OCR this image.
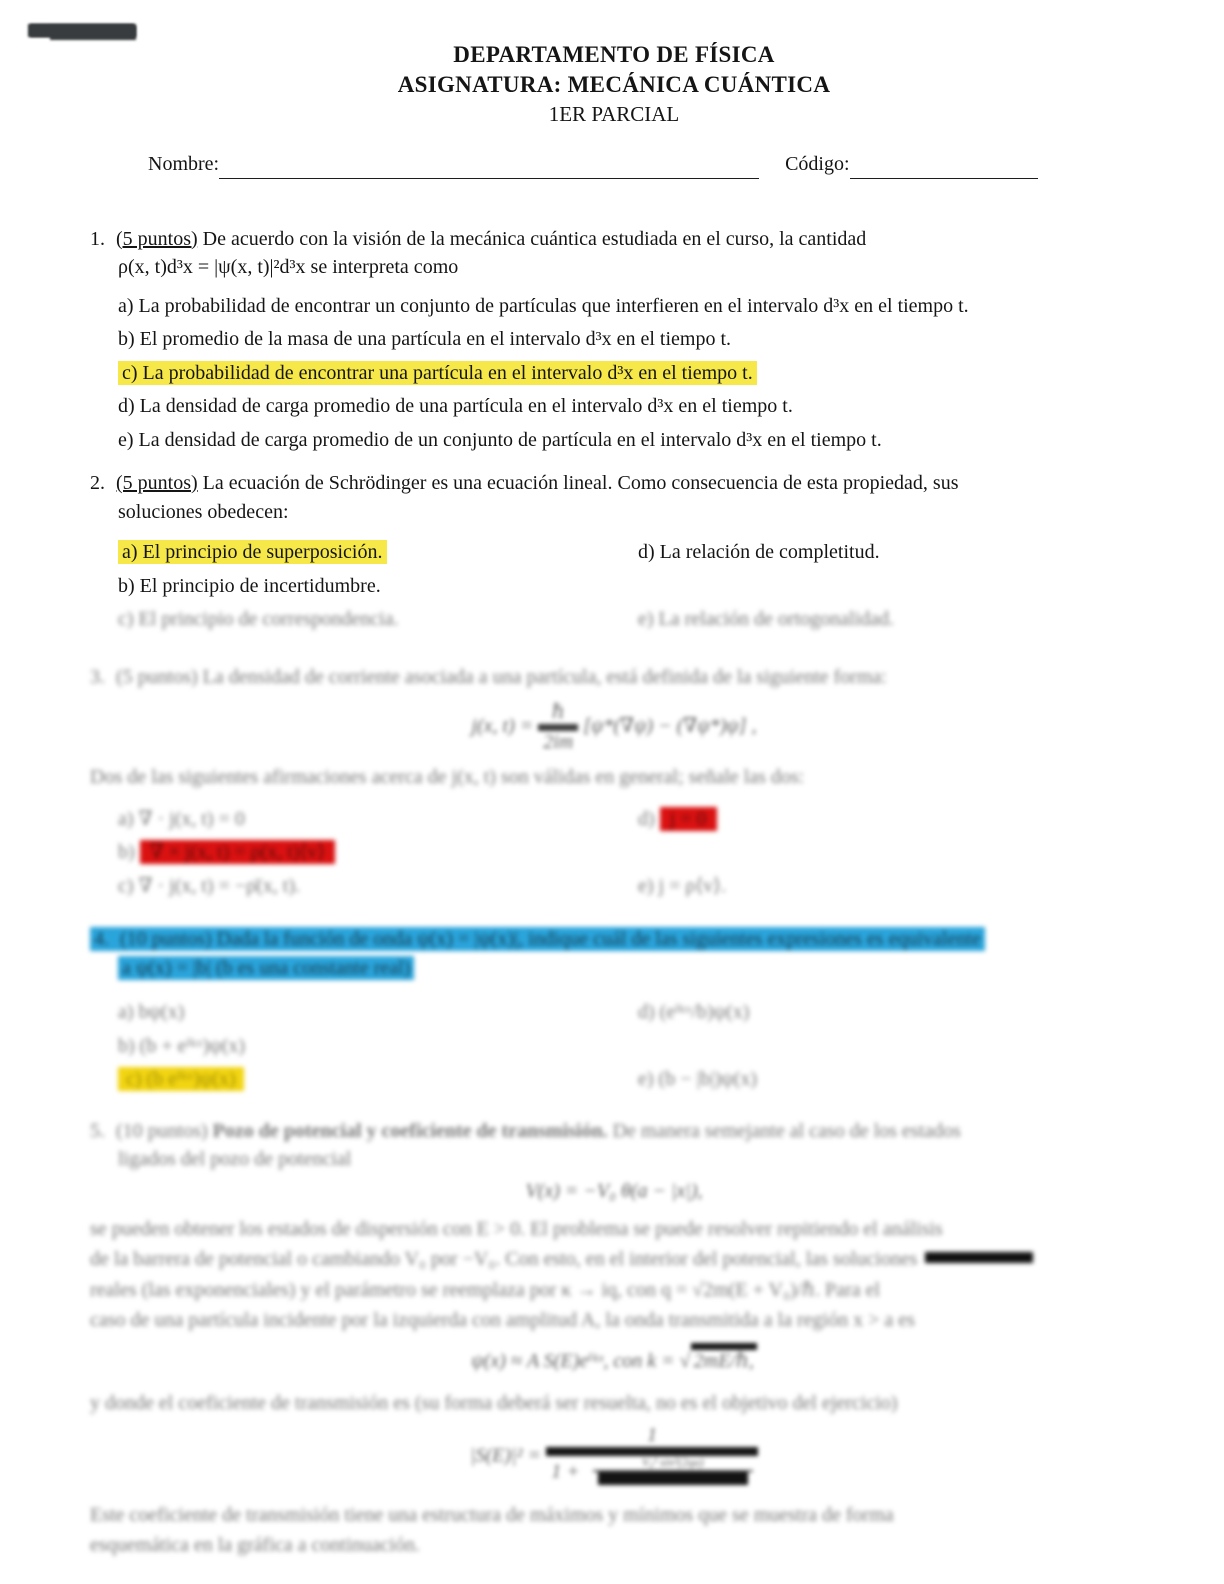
DEPARTAMENTO DE FÍSICA
ASIGNATURA: MECÁNICA CUÁNTICA
1ER PARCIAL
Nombre:	Código:
1. (5 puntos) De acuerdo con la visión de la mecánica cuántica estudiada en el curso, la cantidad
ρ(x, t)d³x = |ψ(x, t)|²d³x se interpreta como
a) La probabilidad de encontrar un conjunto de partículas que interfieren en el intervalo d³x en el tiempo t.
b) El promedio de la masa de una partícula en el intervalo d³x en el tiempo t.
c) La probabilidad de encontrar una partícula en el intervalo d³x en el tiempo t.
d) La densidad de carga promedio de una partícula en el intervalo d³x en el tiempo t.
e) La densidad de carga promedio de un conjunto de partícula en el intervalo d³x en el tiempo t.
2. (5 puntos) La ecuación de Schrödinger es una ecuación lineal. Como consecuencia de esta propiedad, sus
soluciones obedecen:
a) El principio de superposición.	d) La relación de completitud.
b) El principio de incertidumbre.
c) El principio de correspondencia.	e) La relación de ortogonalidad.
3. (5 puntos) La densidad de corriente asociada a una partícula, está definida de la siguiente forma:
j(x, t) =
ℏ
2im
[ψ*(∇ψ) − (∇ψ*)ψ] ,
Dos de las siguientes afirmaciones acerca de j(x, t) son válidas en general; señale las dos:
a) ∇ · j(x, t) = 0	d) j = 0
b) ∇ × j(x, t) = ρ(x, t)⟨v⟩
c) ∇ · j(x, t) = −ρ̇(x, t).	e) j = ρ⟨v⟩.
4. (10 puntos) Dada la función de onda ψ(x) = |ψ(x)|, indique cuál de las siguientes expresiones es equivalente
a ψ(x) = |b| (b es una constante real)
a) bψ(x)	d) (eⁱᵏˣ/b)ψ(x)
b) (b + eⁱᵏˣ)ψ(x)
c) (b eⁱᵏˣ)ψ(x)	e) (b − |b|)ψ(x)
5. (10 puntos) Pozo de potencial y coeficiente de transmisión. De manera semejante al caso de los estados
ligados del pozo de potencial
V(x) = −V₀ θ(a − |x|),
se pueden obtener los estados de dispersión con E > 0. El problema se puede resolver repitiendo el análisis
de la barrera de potencial o cambiando V₀ por −V₀. Con esto, en el interior del potencial, las soluciones
reales (las exponenciales) y el parámetro se reemplaza por κ → iq, con q = √2m(E + V₀)/ℏ. Para el
caso de una partícula incidente por la izquierda con amplitud A, la onda transmitida a la región x > a es
ψ(x) ≈ A S(E)eⁱᵏˣ, con k = √ 2mE/ℏ,
y donde el coeficiente de transmisión es (su forma deberá ser resuelta, no es el objetivo del ejercicio)
|S(E)|² =
1
1 +	V₀² sin²(2qa)
Este coeficiente de transmisión tiene una estructura de máximos y mínimos que se muestra de forma
esquemática en la gráfica a continuación.
